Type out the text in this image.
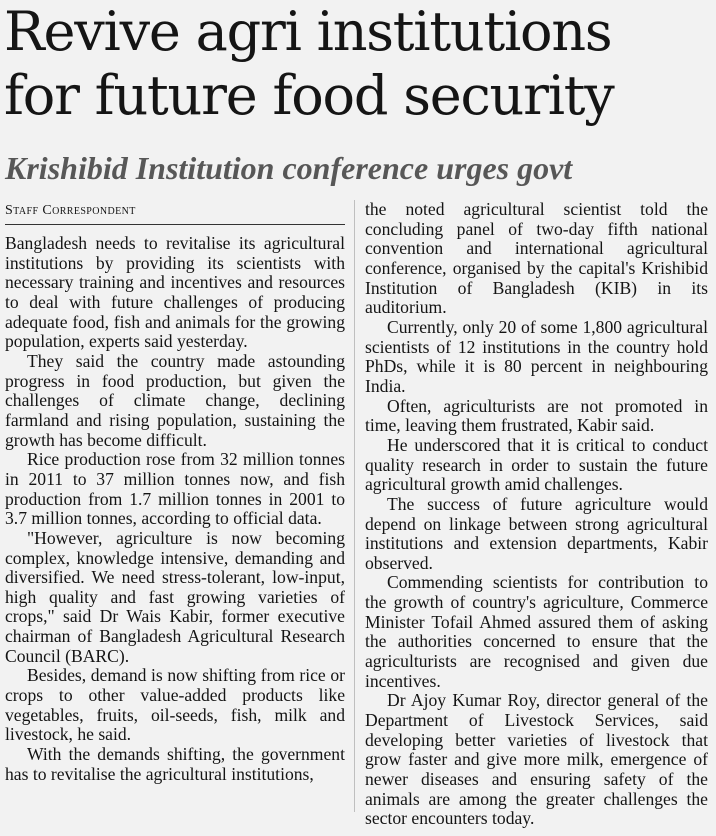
Revive agri institutions
for future food security
Krishibid Institution conference urges govt
Staff Correspondent

Bangladesh needs to revitalise its agricultural institutions by providing its scientists with necessary training and incentives and resources to deal with future challenges of producing adequate food, fish and animals for the growing population, experts said yesterday.

They said the country made astounding progress in food production, but given the challenges of climate change, declining farmland and rising population, sustaining the growth has become difficult.

Rice production rose from 32 million tonnes in 2011 to 37 million tonnes now, and fish production from 1.7 million tonnes in 2001 to 3.7 million tonnes, according to official data.

"However, agriculture is now becoming complex, knowledge intensive, demanding and diversified. We need stress-tolerant, low-input, high quality and fast growing varieties of crops," said Dr Wais Kabir, former executive chairman of Bangladesh Agricultural Research Council (BARC).

Besides, demand is now shifting from rice or crops to other value-added products like vegetables, fruits, oil-seeds, fish, milk and livestock, he said.

With the demands shifting, the government has to revitalise the agricultural institutions,

the noted agricultural scientist told the concluding panel of two-day fifth national convention and international agricultural conference, organised by the capital's Krishibid Institution of Bangladesh (KIB) in its auditorium.

Currently, only 20 of some 1,800 agricultural scientists of 12 institutions in the country hold PhDs, while it is 80 percent in neighbouring India.

Often, agriculturists are not promoted in time, leaving them frustrated, Kabir said.

He underscored that it is critical to conduct quality research in order to sustain the future agricultural growth amid challenges.

The success of future agriculture would depend on linkage between strong agricultural institutions and extension departments, Kabir observed.

Commending scientists for contribution to the growth of country's agriculture, Commerce Minister Tofail Ahmed assured them of asking the authorities concerned to ensure that the agriculturists are recognised and given due incentives.

Dr Ajoy Kumar Roy, director general of the Department of Livestock Services, said developing better varieties of livestock that grow faster and give more milk, emergence of newer diseases and ensuring safety of the animals are among the greater challenges the sector encounters today.
